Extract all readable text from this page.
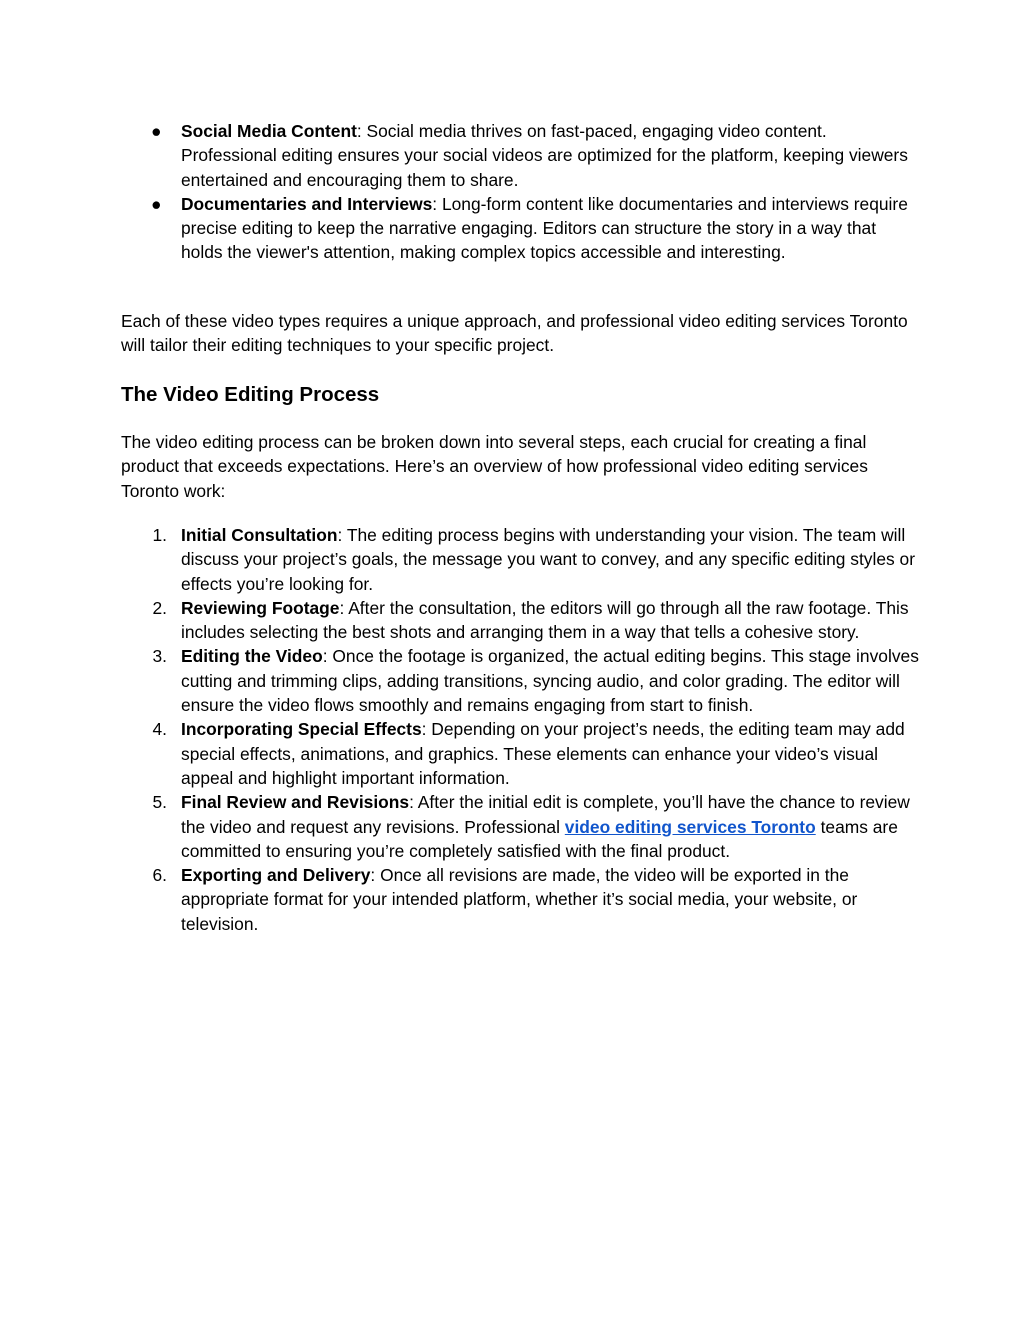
●	Social Media Content: Social media thrives on fast-paced, engaging video content. Professional editing ensures your social videos are optimized for the platform, keeping viewers entertained and encouraging them to share.
●	Documentaries and Interviews: Long-form content like documentaries and interviews require precise editing to keep the narrative engaging. Editors can structure the story in a way that holds the viewer's attention, making complex topics accessible and interesting.

Each of these video types requires a unique approach, and professional video editing services Toronto will tailor their editing techniques to your specific project.

The Video Editing Process

The video editing process can be broken down into several steps, each crucial for creating a final product that exceeds expectations. Here’s an overview of how professional video editing services Toronto work:

1. Initial Consultation: The editing process begins with understanding your vision. The team will discuss your project’s goals, the message you want to convey, and any specific editing styles or effects you’re looking for.
2. Reviewing Footage: After the consultation, the editors will go through all the raw footage. This includes selecting the best shots and arranging them in a way that tells a cohesive story.
3. Editing the Video: Once the footage is organized, the actual editing begins. This stage involves cutting and trimming clips, adding transitions, syncing audio, and color grading. The editor will ensure the video flows smoothly and remains engaging from start to finish.
4. Incorporating Special Effects: Depending on your project’s needs, the editing team may add special effects, animations, and graphics. These elements can enhance your video’s visual appeal and highlight important information.
5. Final Review and Revisions: After the initial edit is complete, you’ll have the chance to review the video and request any revisions. Professional video editing services Toronto teams are committed to ensuring you’re completely satisfied with the final product.
6. Exporting and Delivery: Once all revisions are made, the video will be exported in the appropriate format for your intended platform, whether it’s social media, your website, or television.
